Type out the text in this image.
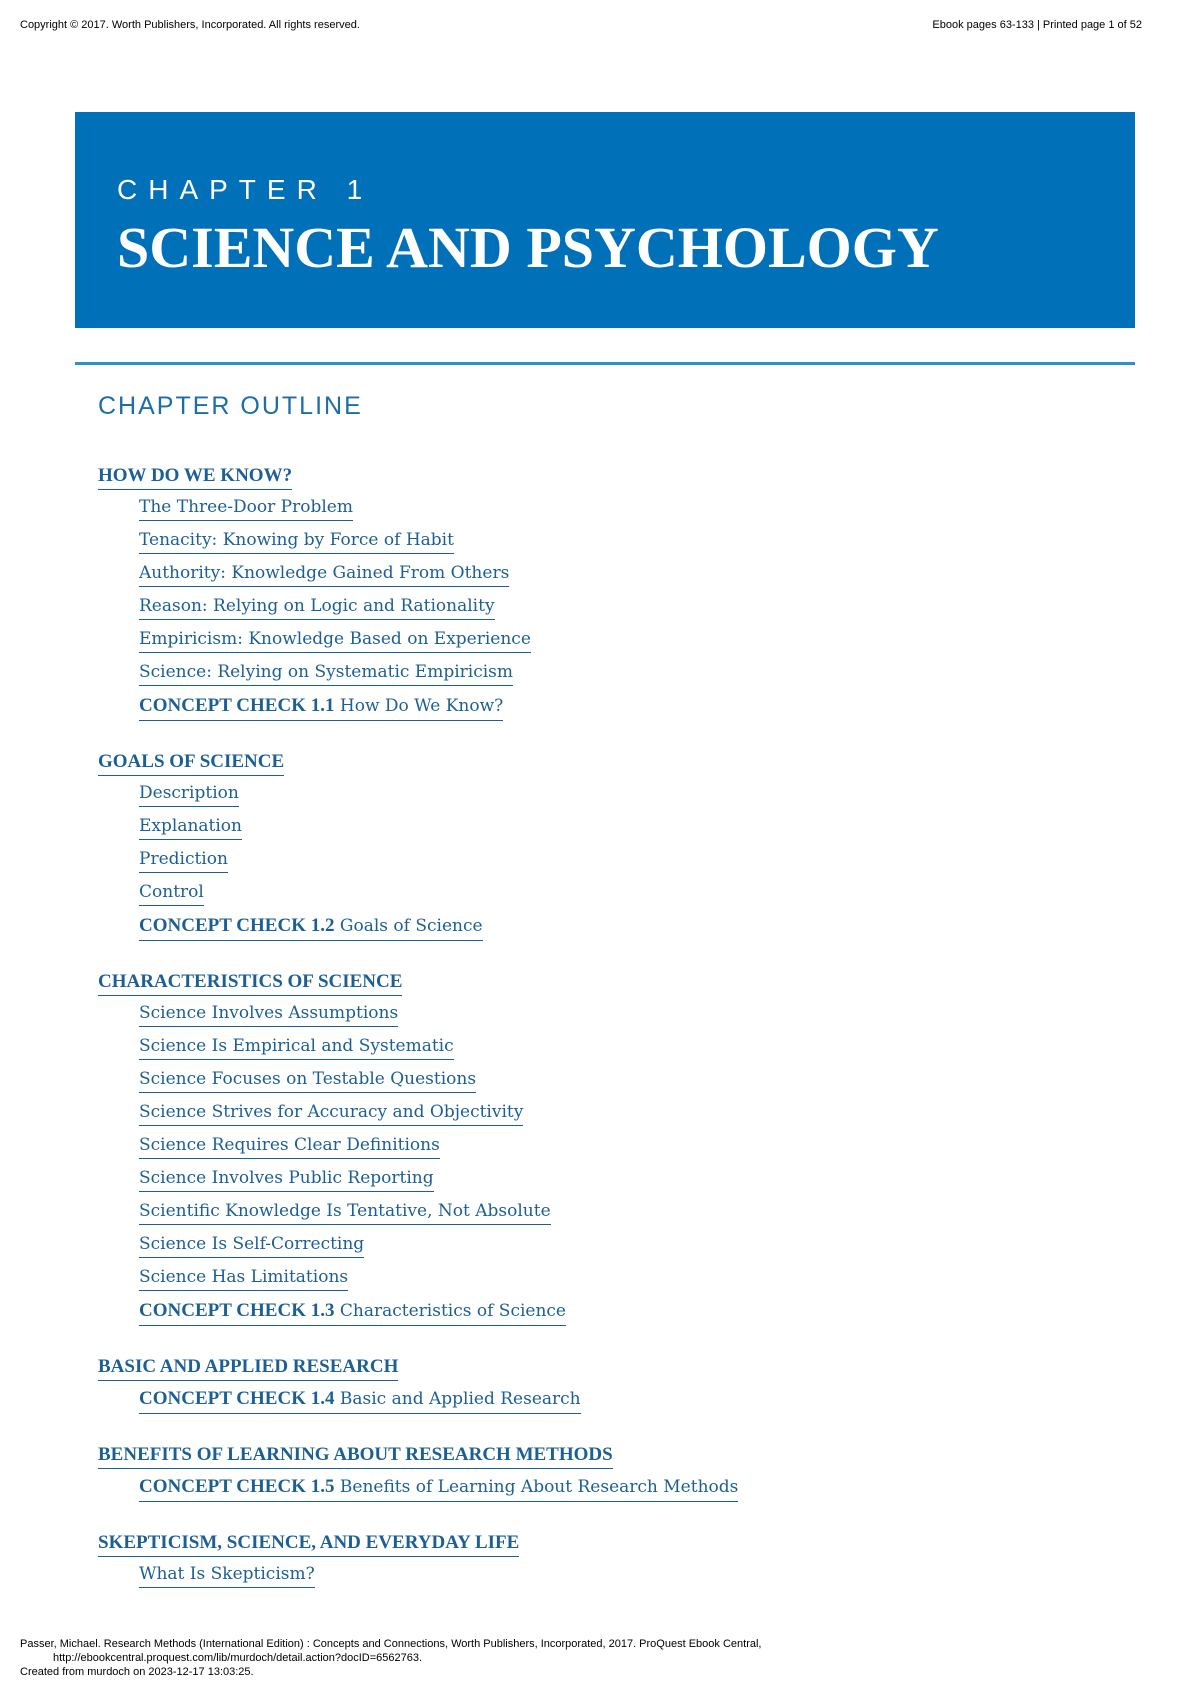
Copyright © 2017. Worth Publishers, Incorporated. All rights reserved.	Ebook pages 63-133 | Printed page 1 of 52
CHAPTER 1
SCIENCE AND PSYCHOLOGY
CHAPTER OUTLINE
HOW DO WE KNOW?
The Three-Door Problem
Tenacity: Knowing by Force of Habit
Authority: Knowledge Gained From Others
Reason: Relying on Logic and Rationality
Empiricism: Knowledge Based on Experience
Science: Relying on Systematic Empiricism
CONCEPT CHECK 1.1 How Do We Know?
GOALS OF SCIENCE
Description
Explanation
Prediction
Control
CONCEPT CHECK 1.2 Goals of Science
CHARACTERISTICS OF SCIENCE
Science Involves Assumptions
Science Is Empirical and Systematic
Science Focuses on Testable Questions
Science Strives for Accuracy and Objectivity
Science Requires Clear Definitions
Science Involves Public Reporting
Scientific Knowledge Is Tentative, Not Absolute
Science Is Self-Correcting
Science Has Limitations
CONCEPT CHECK 1.3 Characteristics of Science
BASIC AND APPLIED RESEARCH
CONCEPT CHECK 1.4 Basic and Applied Research
BENEFITS OF LEARNING ABOUT RESEARCH METHODS
CONCEPT CHECK 1.5 Benefits of Learning About Research Methods
SKEPTICISM, SCIENCE, AND EVERYDAY LIFE
What Is Skepticism?
Passer, Michael. Research Methods (International Edition) : Concepts and Connections, Worth Publishers, Incorporated, 2017. ProQuest Ebook Central,
http://ebookcentral.proquest.com/lib/murdoch/detail.action?docID=6562763.
Created from murdoch on 2023-12-17 13:03:25.
